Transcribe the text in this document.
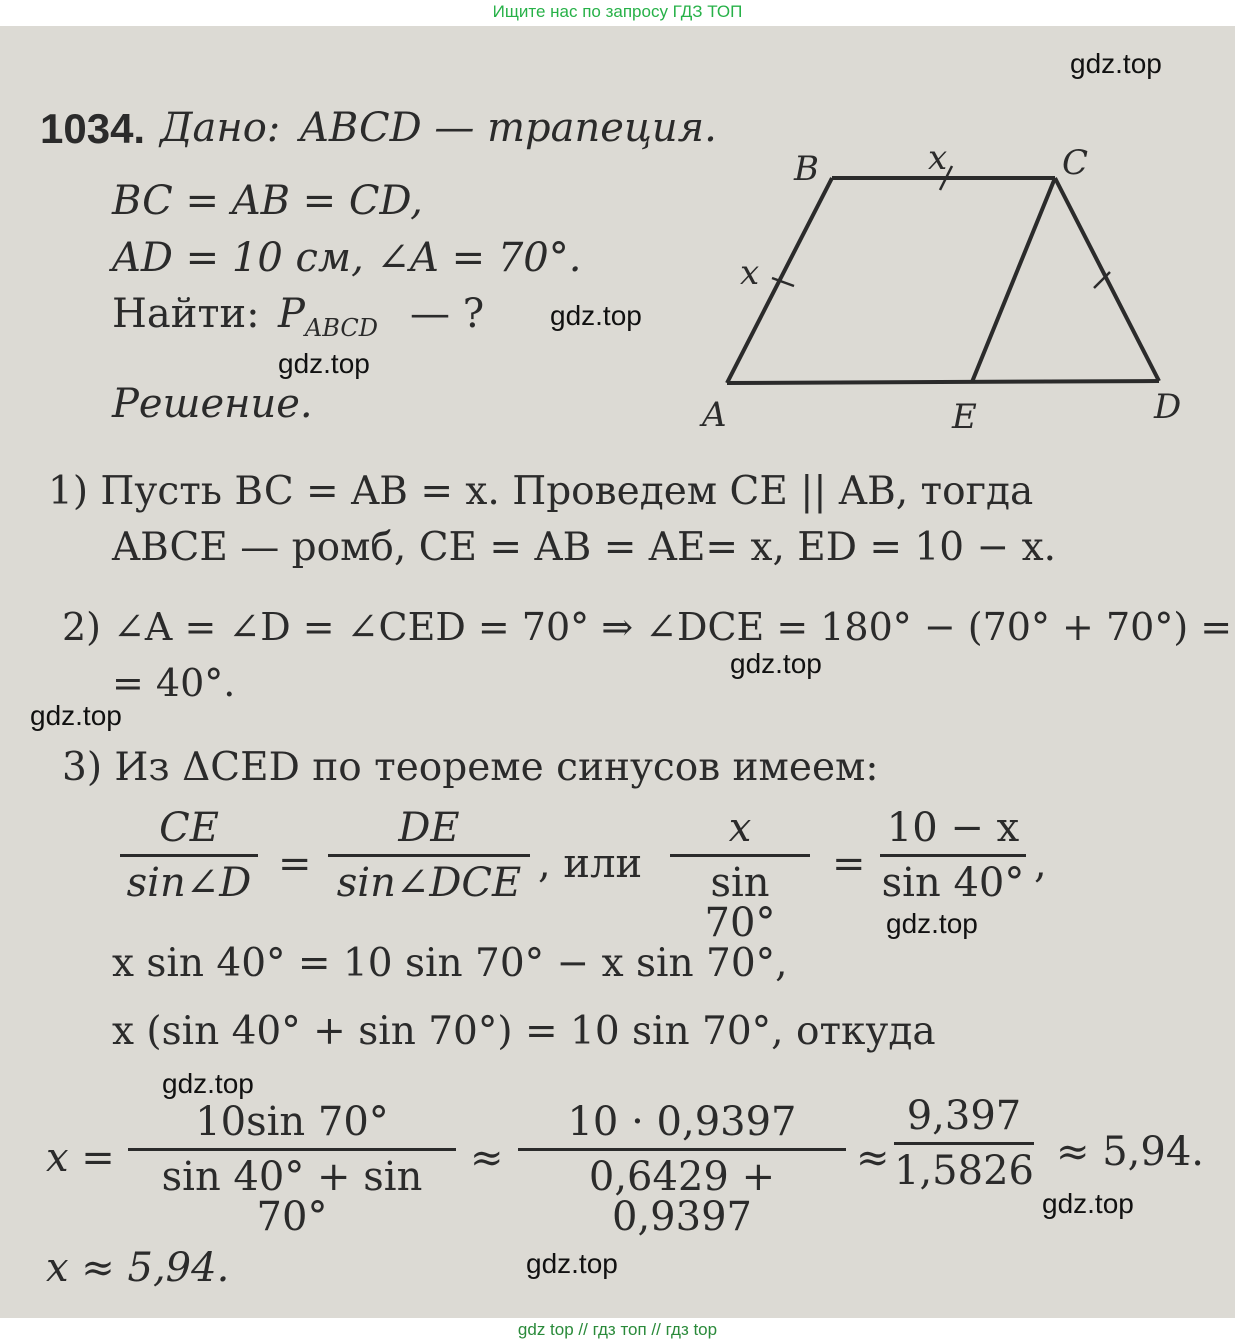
Ищите нас по запросу ГДЗ ТОП
1034. Дано: ABCD — трапеция.
BC = AB = CD,
AD = 10 см, ∠A = 70°.
Найти: $P_{ABCD}$ — ?
Решение.
B	C
A	E	D
x
x
1) Пусть BC = AB = x. Проведем CE || AB, тогда
ABCE — ромб, CE = AB = AE= x, ED = 10 − x.
2) ∠A = ∠D = ∠CED = 70° ⇒ ∠DCE = 180° − (70° + 70°) =
= 40°.
3) Из ΔCED по теореме синусов имеем:
CE
sin∠D =
DE
sin∠DCE , или
x
sin 70°
=
10 − x
sin 40° ,
x sin 40° = 10 sin 70° − x sin 70°,
x (sin 40° + sin 70°) = 10 sin 70°, откуда
x =
10sin 70°
sin 40° + sin 70°
≈
10 · 0,9397
0,6429 + 0,9397
≈
9,397
1,5826 ≈ 5,94.
x ≈ 5,94.
gdz.top
gdz.top
gdz.top
gdz.top
gdz.top
gdz.top
gdz.top
gdz.top
gdz.top
gdz top // гдз топ // гдз top
